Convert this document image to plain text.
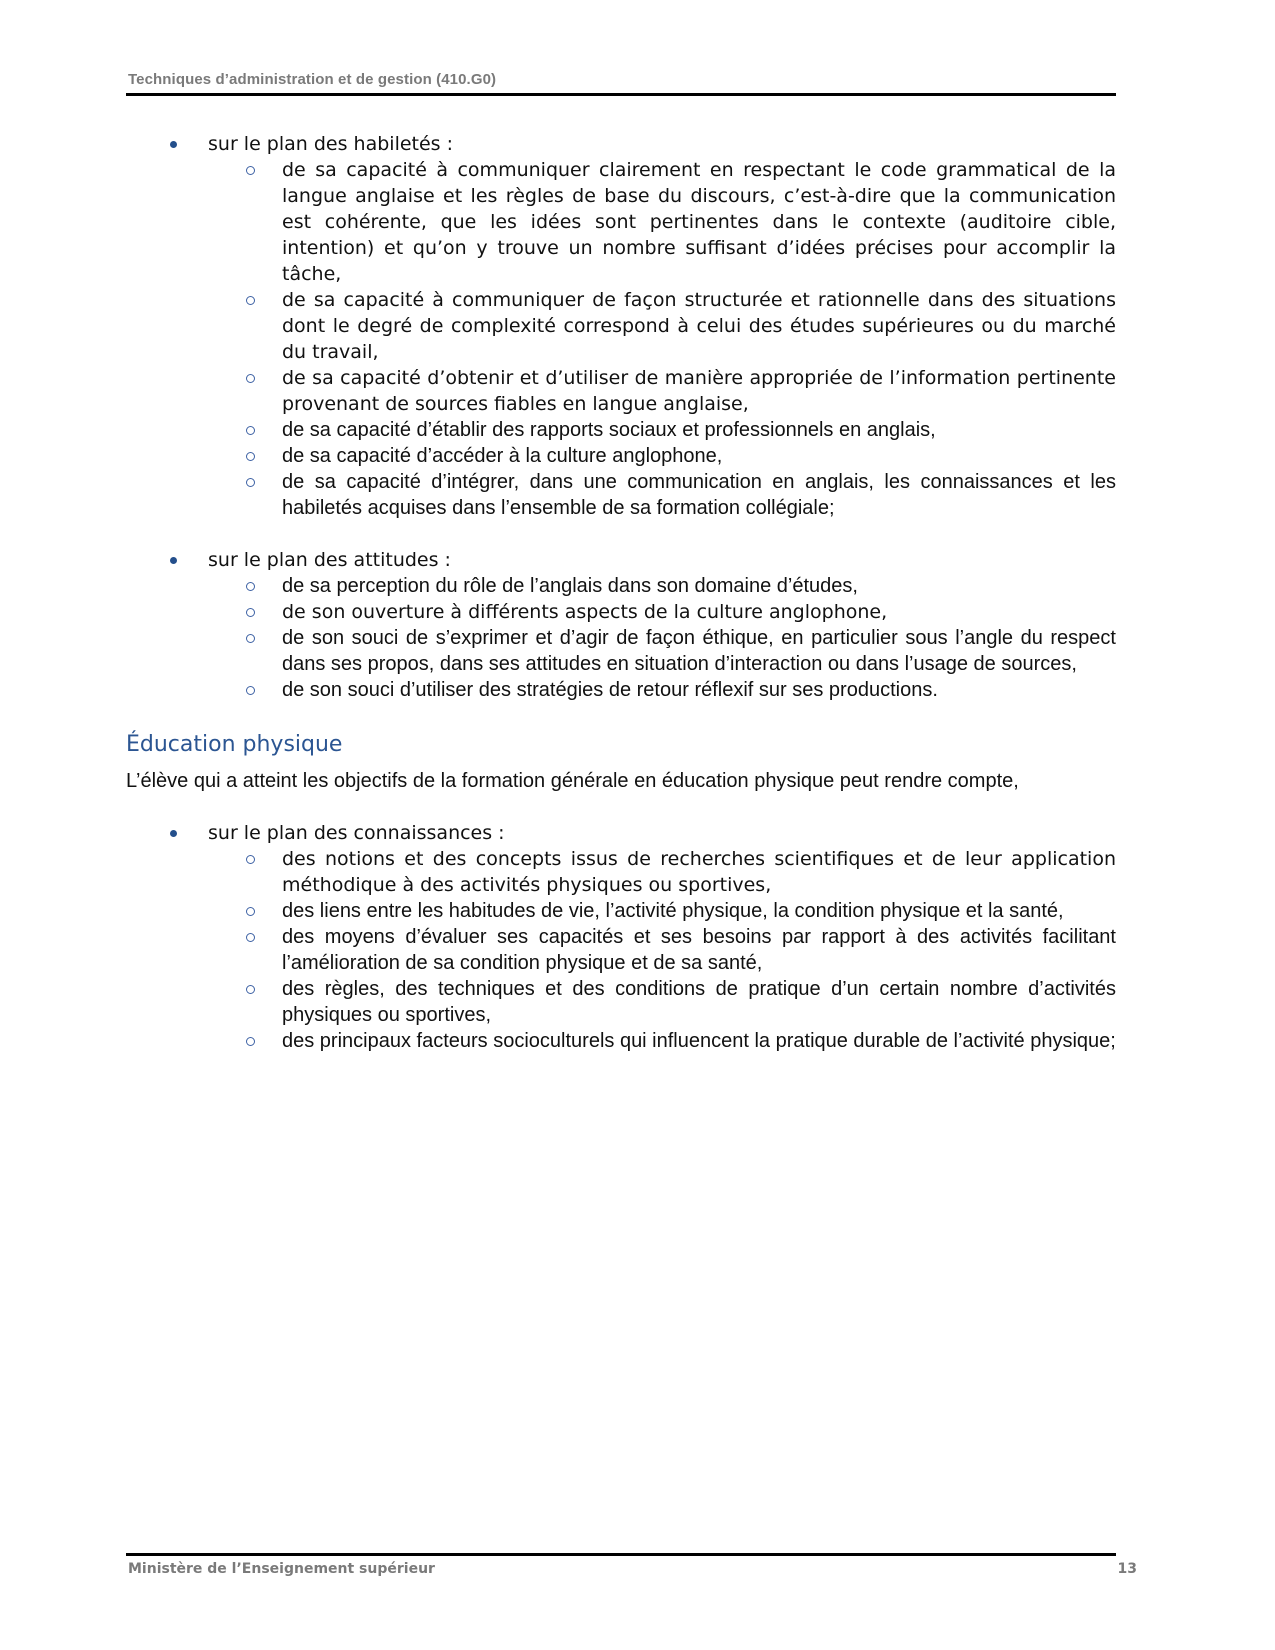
Techniques d’administration et de gestion (410.G0)
sur le plan des habiletés :
de sa capacité à communiquer clairement en respectant le code grammatical de la langue anglaise et les règles de base du discours, c’est-à-dire que la communication est cohérente, que les idées sont pertinentes dans le contexte (auditoire cible, intention) et qu’on y trouve un nombre suffisant d’idées précises pour accomplir la tâche,
de sa capacité à communiquer de façon structurée et rationnelle dans des situations dont le degré de complexité correspond à celui des études supérieures ou du marché du travail,
de sa capacité d’obtenir et d’utiliser de manière appropriée de l’information pertinente provenant de sources fiables en langue anglaise,
de sa capacité d’établir des rapports sociaux et professionnels en anglais,
de sa capacité d’accéder à la culture anglophone,
de sa capacité d’intégrer, dans une communication en anglais, les connaissances et les habiletés acquises dans l’ensemble de sa formation collégiale;
sur le plan des attitudes :
de sa perception du rôle de l’anglais dans son domaine d’études,
de son ouverture à différents aspects de la culture anglophone,
de son souci de s’exprimer et d’agir de façon éthique, en particulier sous l’angle du respect dans ses propos, dans ses attitudes en situation d’interaction ou dans l’usage de sources,
de son souci d’utiliser des stratégies de retour réflexif sur ses productions.
Éducation physique
L’élève qui a atteint les objectifs de la formation générale en éducation physique peut rendre compte,
sur le plan des connaissances :
des notions et des concepts issus de recherches scientifiques et de leur application méthodique à des activités physiques ou sportives,
des liens entre les habitudes de vie, l’activité physique, la condition physique et la santé,
des moyens d’évaluer ses capacités et ses besoins par rapport à des activités facilitant l’amélioration de sa condition physique et de sa santé,
des règles, des techniques et des conditions de pratique d’un certain nombre d’activités physiques ou sportives,
des principaux facteurs socioculturels qui influencent la pratique durable de l’activité physique;
Ministère de l’Enseignement supérieur	13
